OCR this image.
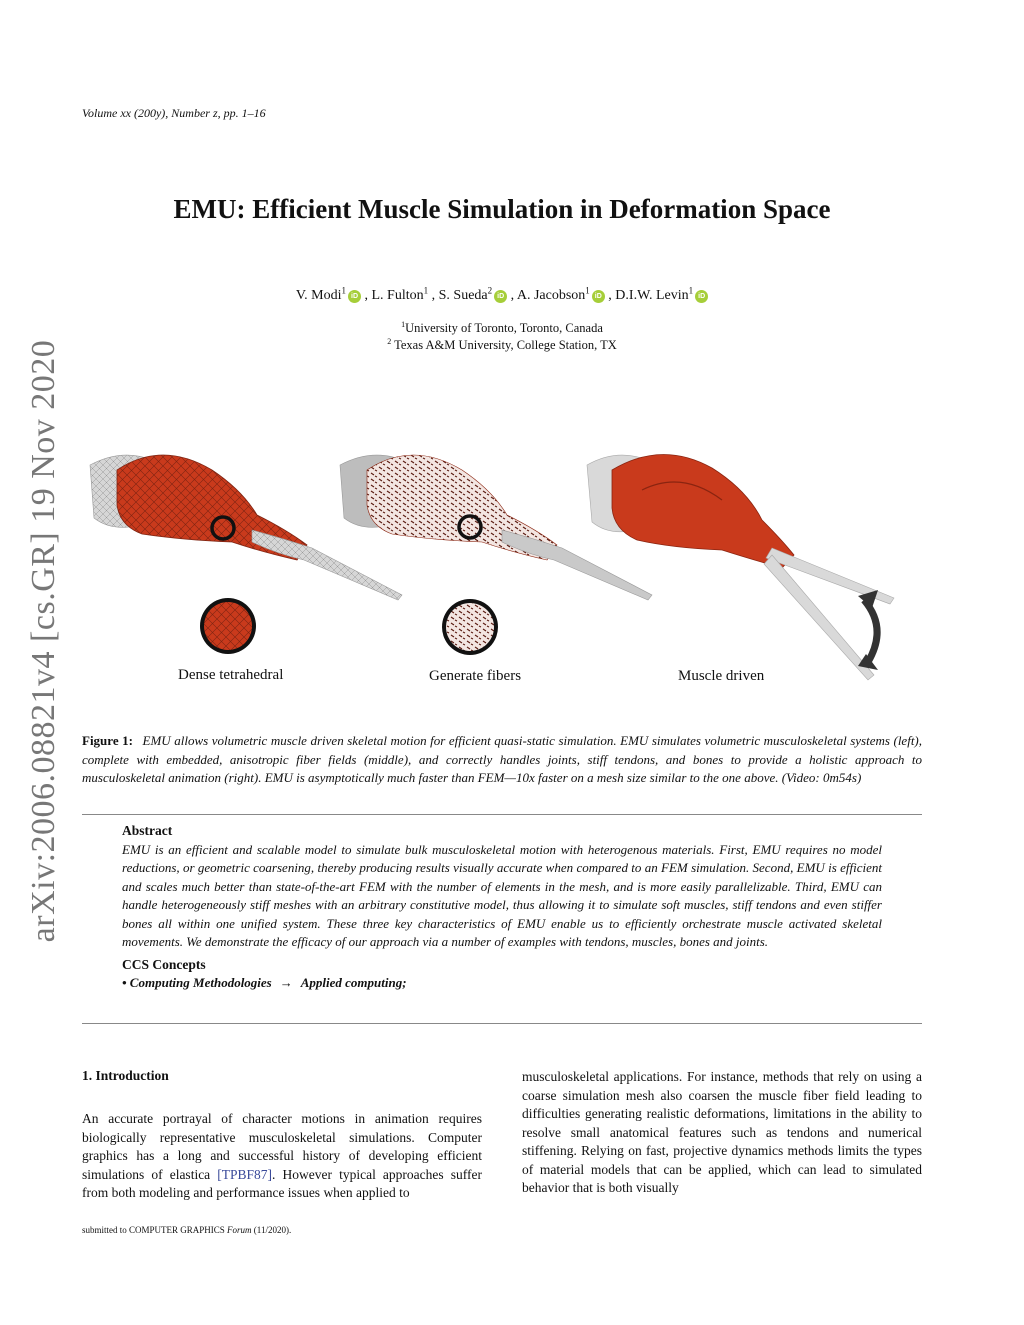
Volume xx (200y), Number z, pp. 1–16
arXiv:2006.08821v4 [cs.GR] 19 Nov 2020
EMU: Efficient Muscle Simulation in Deformation Space
V. Modi$^1$iD , L. Fulton$^1$ , S. Sueda$^2$iD , A. Jacobson$^1$iD , D.I.W. Levin$^1$iD
$^1$University of Toronto, Toronto, Canada
$^2$ Texas A&M University, College Station, TX
Dense tetrahedral	Generate fibers	Muscle driven
Figure 1: EMU allows volumetric muscle driven skeletal motion for efficient quasi-static simulation. EMU simulates volumetric musculoskeletal systems (left), complete with embedded, anisotropic fiber fields (middle), and correctly handles joints, stiff tendons, and bones to provide a holistic approach to musculoskeletal animation (right). EMU is asymptotically much faster than FEM—10x faster on a mesh size similar to the one above. (Video: 0m54s)
Abstract
EMU is an efficient and scalable model to simulate bulk musculoskeletal motion with heterogenous materials. First, EMU requires no model reductions, or geometric coarsening, thereby producing results visually accurate when compared to an FEM simulation. Second, EMU is efficient and scales much better than state-of-the-art FEM with the number of elements in the mesh, and is more easily parallelizable. Third, EMU can handle heterogeneously stiff meshes with an arbitrary constitutive model, thus allowing it to simulate soft muscles, stiff tendons and even stiffer bones all within one unified system. These three key characteristics of EMU enable us to efficiently orchestrate muscle activated skeletal movements. We demonstrate the efficacy of our approach via a number of examples with tendons, muscles, bones and joints.
CCS Concepts
• Computing Methodologies → Applied computing;
1. Introduction
An accurate portrayal of character motions in animation requires biologically representative musculoskeletal simulations. Computer graphics has a long and successful history of developing efficient simulations of elastica [TPBF87]. However typical approaches suffer from both modeling and performance issues when applied to
musculoskeletal applications. For instance, methods that rely on using a coarse simulation mesh also coarsen the muscle fiber field leading to difficulties generating realistic deformations, limitations in the ability to resolve small anatomical features such as tendons and numerical stiffening. Relying on fast, projective dynamics methods limits the types of material models that can be applied, which can lead to simulated behavior that is both visually
submitted to COMPUTER GRAPHICS Forum (11/2020).
